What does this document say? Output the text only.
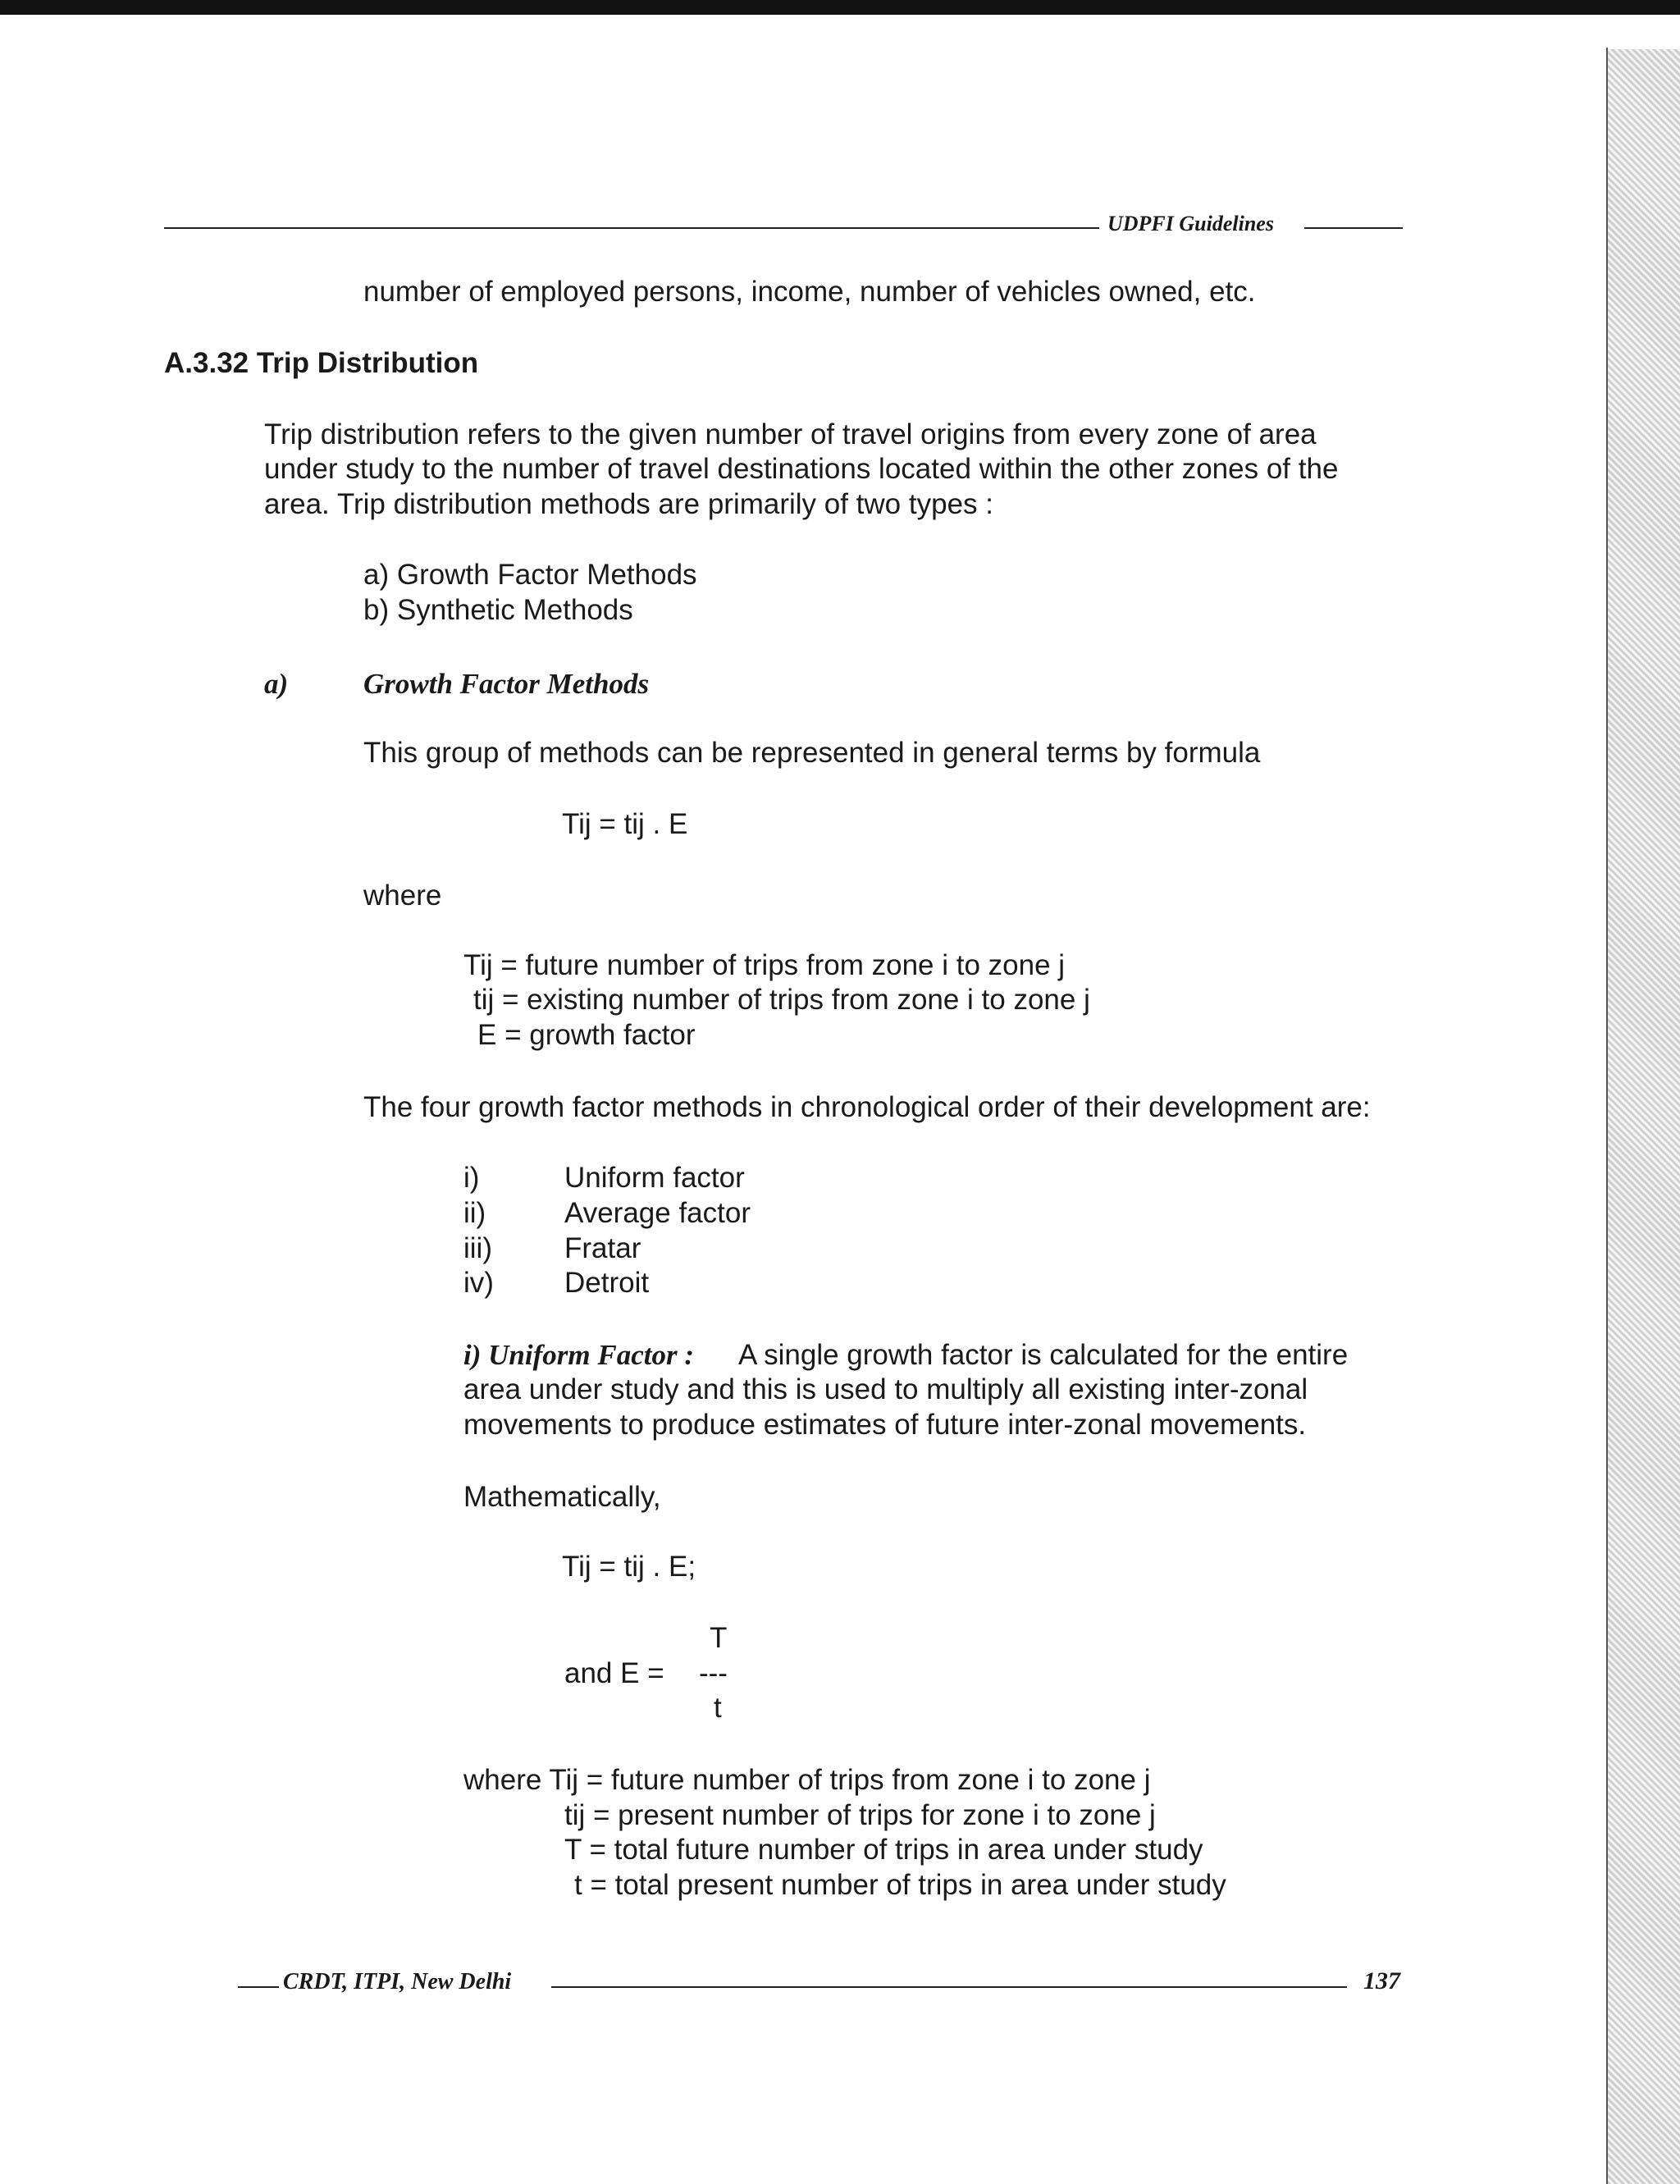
UDPFI Guidelines
number of employed persons, income, number of vehicles owned, etc.
A.3.32 Trip Distribution
Trip distribution refers to the given number of travel origins from every zone of area
under study to the number of travel destinations located within the other zones of the
area. Trip distribution methods are primarily of two types :
a) Growth Factor Methods
b) Synthetic Methods
a)	Growth Factor Methods
This group of methods can be represented in general terms by formula
Tij = tij . E
where
Tij = future number of trips from zone i to zone j
tij = existing number of trips from zone i to zone j
E = growth factor
The four growth factor methods in chronological order of their development are:
i)	Uniform factor
ii)	Average factor
iii)	Fratar
iv) Detroit
i) Uniform Factor : A single growth factor is calculated for the entire
area under study and this is used to multiply all existing inter-zonal
movements to produce estimates of future inter-zonal movements.
Mathematically,
Tij = tij . E;
T
and E = ---
t
where Tij = future number of trips from zone i to zone j
tij = present number of trips for zone i to zone j
T = total future number of trips in area under study
t = total present number of trips in area under study
CRDT, ITPI, New Delhi	137
